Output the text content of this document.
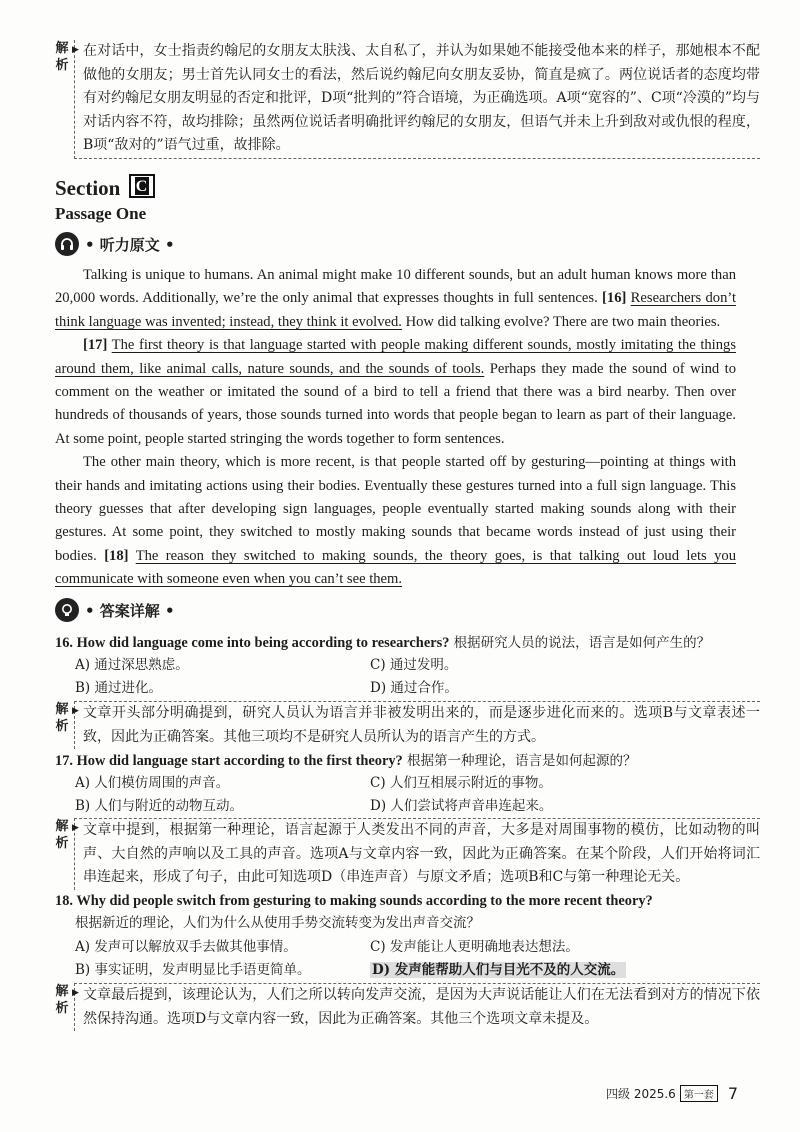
解析
▶ 在对话中，女士指责约翰尼的女朋友太肤浅、太自私了，并认为如果她不能接受他本来的样子，那她根本不配做他的女朋友；男士首先认同女士的看法，然后说约翰尼向女朋友妥协，简直是疯了。两位说话者的态度均带有对约翰尼女朋友明显的否定和批评，D项“批判的”符合语境，为正确选项。A项“宽容的”、C项“冷漠的”均与对话内容不符，故均排除；虽然两位说话者明确批评约翰尼的女朋友，但语气并未上升到敌对或仇恨的程度，B项“敌对的”语气过重，故排除。
Section C
Passage One
• 听力原文 •

Talking is unique to humans. An animal might make 10 different sounds, but an adult human knows more than 20,000 words. Additionally, we’re the only animal that expresses thoughts in full sentences. [16] Researchers don’t think language was invented; instead, they think it evolved. How did talking evolve? There are two main theories.

[17] The first theory is that language started with people making different sounds, mostly imitating the things around them, like animal calls, nature sounds, and the sounds of tools. Perhaps they made the sound of wind to comment on the weather or imitated the sound of a bird to tell a friend that there was a bird nearby. Then over hundreds of thousands of years, those sounds turned into words that people began to learn as part of their language. At some point, people started stringing the words together to form sentences.

The other main theory, which is more recent, is that people started off by gesturing—pointing at things with their hands and imitating actions using their bodies. Eventually these gestures turned into a full sign language. This theory guesses that after developing sign languages, people eventually started making sounds along with their gestures. At some point, they switched to mostly making sounds that became words instead of just using their bodies. [18] The reason they switched to making sounds, the theory goes, is that talking out loud lets you communicate with someone even when you can’t see them.

• 答案详解 •
16. How did language come into being according to researchers? 根据研究人员的说法，语言是如何产生的？
A) 通过深思熟虑。	C) 通过发明。
B) 通过进化。	D) 通过合作。
解析
▶ 文章开头部分明确提到，研究人员认为语言并非被发明出来的，而是逐步进化而来的。选项B与文章表述一致，因此为正确答案。其他三项均不是研究人员所认为的语言产生的方式。
17. How did language start according to the first theory? 根据第一种理论，语言是如何起源的？
A) 人们模仿周围的声音。	C) 人们互相展示附近的事物。
B) 人们与附近的动物互动。	D) 人们尝试将声音串连起来。
解析
▶ 文章中提到，根据第一种理论，语言起源于人类发出不同的声音，大多是对周围事物的模仿，比如动物的叫声、大自然的声响以及工具的声音。选项A与文章内容一致，因此为正确答案。在某个阶段，人们开始将词汇串连起来，形成了句子，由此可知选项D（串连声音）与原文矛盾；选项B和C与第一种理论无关。
18. Why did people switch from gesturing to making sounds according to the more recent theory?
根据新近的理论，人们为什么从使用手势交流转变为发出声音交流？
A) 发声可以解放双手去做其他事情。	C) 发声能让人更明确地表达想法。
B) 事实证明，发声明显比手语更简单。	D) 发声能帮助人们与目光不及的人交流。
解析
▶ 文章最后提到，该理论认为，人们之所以转向发声交流，是因为大声说话能让人们在无法看到对方的情况下依然保持沟通。选项D与文章内容一致，因此为正确答案。其他三个选项文章未提及。
四级 2025.6 第一套 7
